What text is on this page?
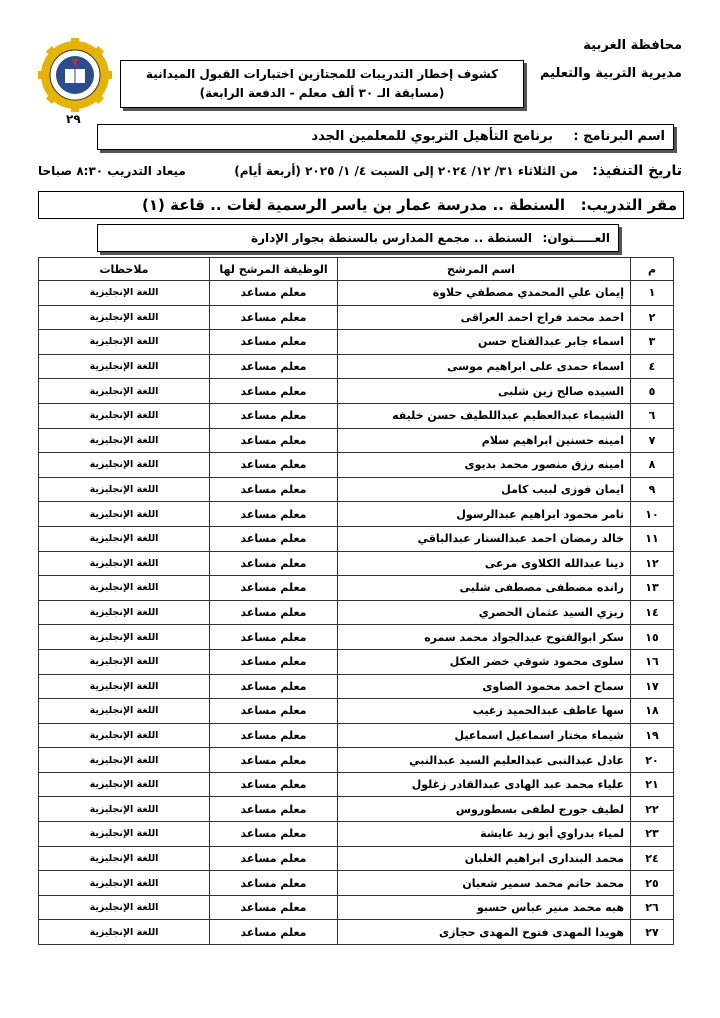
محافظة الغربية
مديرية التربية والتعليم
كشوف إخطار التدريبات للمجتازين اختبارات القبول الميدانية
(مسابقة الـ ٣٠ ألف معلم - الدفعة الرابعة)
٢٩
اسم البرنامج :
برنامج التأهيل التربوي للمعلمين الجدد
تاريخ التنفيذ:
من الثلاثاء ٣١/ ١٢/ ٢٠٢٤ إلى السبت ٤/ ١/ ٢٠٢٥ (أربعة أيام)
ميعاد التدريب ٨:٣٠ صباحا
مقر التدريب:
السنطة .. مدرسة عمار بن ياسر الرسمية لغات .. قاعة (١)
العـــــنوان:
السنطة .. مجمع المدارس بالسنطة بجوار الإدارة
م	اسم المرشح	الوظيفة المرشح لها	ملاحظات
١	إيمان علي المحمدي مصطفي حلاوة	معلم مساعد	اللغة الإنجليزية
٢	احمد محمد فراج احمد العراقى	معلم مساعد	اللغة الإنجليزية
٣	اسماء جابر عبدالفتاح حسن	معلم مساعد	اللغة الإنجليزية
٤	اسماء حمدى على ابراهيم موسى	معلم مساعد	اللغة الإنجليزية
٥	السيده صالح زين شلبى	معلم مساعد	اللغة الإنجليزية
٦	الشيماء عبدالعظيم عبداللطيف حسن خليفه	معلم مساعد	اللغة الإنجليزية
٧	امينه حسنين ابراهيم سلام	معلم مساعد	اللغة الإنجليزية
٨	امينه رزق منصور محمد بديوى	معلم مساعد	اللغة الإنجليزية
٩	ايمان فوزى لبيب كامل	معلم مساعد	اللغة الإنجليزية
١٠	تامر محمود ابراهيم عبدالرسول	معلم مساعد	اللغة الإنجليزية
١١	خالد رمضان احمد عبدالستار عبدالباقي	معلم مساعد	اللغة الإنجليزية
١٢	دينا عبدالله الكلاوى مرعى	معلم مساعد	اللغة الإنجليزية
١٣	رانده مصطفى مصطفى شلبى	معلم مساعد	اللغة الإنجليزية
١٤	زيزي السيد عثمان الحصري	معلم مساعد	اللغة الإنجليزية
١٥	سكر ابوالفتوح عبدالجواد محمد سمره	معلم مساعد	اللغة الإنجليزية
١٦	سلوى محمود شوقي خضر العكل	معلم مساعد	اللغة الإنجليزية
١٧	سماح احمد محمود الصاوى	معلم مساعد	اللغة الإنجليزية
١٨	سها عاطف عبدالحميد زغيب	معلم مساعد	اللغة الإنجليزية
١٩	شيماء مختار اسماعيل اسماعيل	معلم مساعد	اللغة الإنجليزية
٢٠	عادل عبدالنبى عبدالعليم السيد عبدالنبي	معلم مساعد	اللغة الإنجليزية
٢١	علياء محمد عبد الهادى عبدالقادر زغلول	معلم مساعد	اللغة الإنجليزية
٢٢	لطيف جورج لطفى بسطوروس	معلم مساعد	اللغة الإنجليزية
٢٣	لمياء بدراوي أبو زيد عايشة	معلم مساعد	اللغة الإنجليزية
٢٤	محمد البندارى ابراهيم الغلبان	معلم مساعد	اللغة الإنجليزية
٢٥	محمد حاتم محمد سمير شعبان	معلم مساعد	اللغة الإنجليزية
٢٦	هبه محمد منير عباس حسبو	معلم مساعد	اللغة الإنجليزية
٢٧	هويدا المهدى فتوح المهدى حجازى	معلم مساعد	اللغة الإنجليزية
